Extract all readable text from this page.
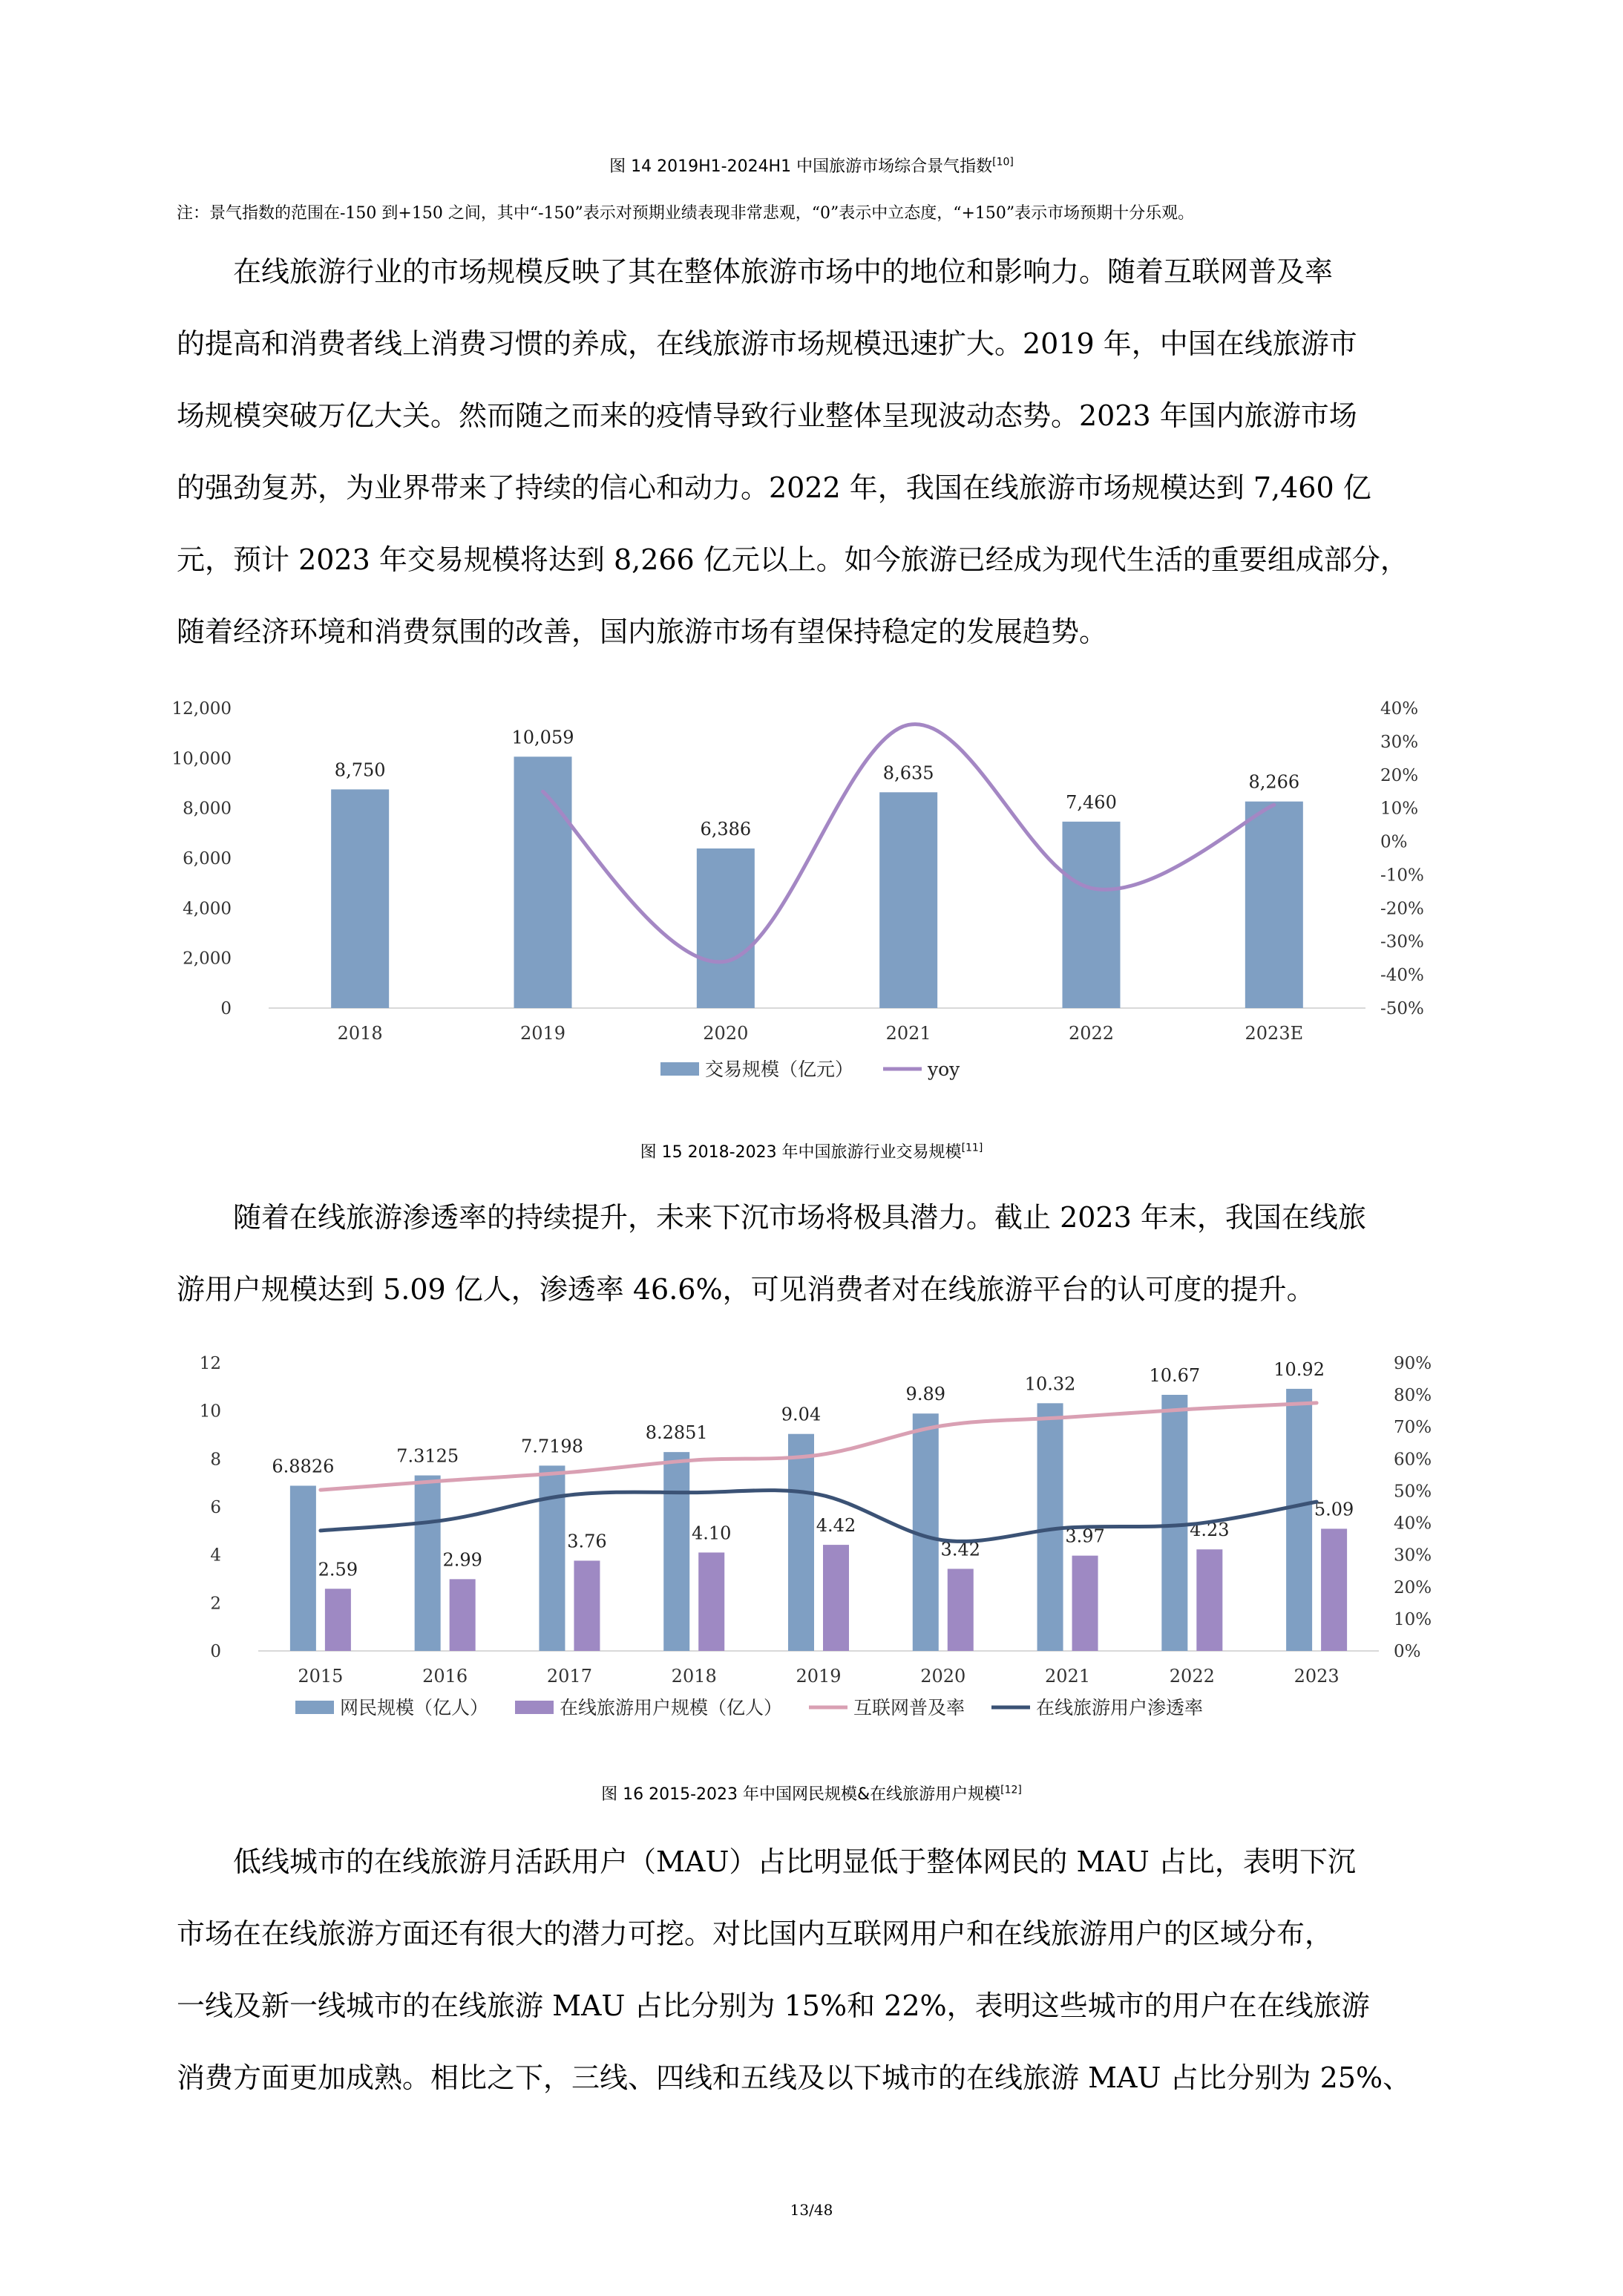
图 14 2019H1-2024H1 中国旅游市场综合景气指数[10]
注：景气指数的范围在-150 到+150 之间，其中“-150”表示对预期业绩表现非常悲观，“0”表示中立态度，“+150”表示市场预期十分乐观。
在线旅游行业的市场规模反映了其在整体旅游市场中的地位和影响力。随着互联网普及率
的提高和消费者线上消费习惯的养成，在线旅游市场规模迅速扩大。2019 年，中国在线旅游市
场规模突破万亿大关。然而随之而来的疫情导致行业整体呈现波动态势。2023 年国内旅游市场
的强劲复苏，为业界带来了持续的信心和动力。2022 年，我国在线旅游市场规模达到 7,460 亿
元，预计 2023 年交易规模将达到 8,266 亿元以上。如今旅游已经成为现代生活的重要组成部分，
随着经济环境和消费氛围的改善，国内旅游市场有望保持稳定的发展趋势。
0
2,000
4,000
6,000
8,000
10,000
12,000
-50%
-40%
-30%
-20%
-10%
0%
10%
20%
30%
40%
2018	2019	2020	2021	2022	2023E
8,750
10,059
6,386
8,635
7,460
8,266
交易规模（亿元）	yoy
图 15 2018-2023 年中国旅游行业交易规模[11]
随着在线旅游渗透率的持续提升，未来下沉市场将极具潜力。截止 2023 年末，我国在线旅
游用户规模达到 5.09 亿人，渗透率 46.6%，可见消费者对在线旅游平台的认可度的提升。
0
2
4
6
8
10
12
0%
10%
20%
30%
40%
50%
60%
70%
80%
90%
2015	2016	2017	2018	2019	2020	2021	2022	2023
6.8826	7.3125	7.7198
8.2851
9.04
9.89	10.32	10.67	10.92
2.59	2.99
3.76	4.10	4.42
3.42
3.97	4.23
5.09
网民规模（亿人）	在线旅游用户规模（亿人）	互联网普及率	在线旅游用户渗透率
图 16 2015-2023 年中国网民规模&在线旅游用户规模[12]
低线城市的在线旅游月活跃用户（MAU）占比明显低于整体网民的 MAU 占比，表明下沉
市场在在线旅游方面还有很大的潜力可挖。对比国内互联网用户和在线旅游用户的区域分布，
一线及新一线城市的在线旅游 MAU 占比分别为 15%和 22%，表明这些城市的用户在在线旅游
消费方面更加成熟。相比之下，三线、四线和五线及以下城市的在线旅游 MAU 占比分别为 25%、
13/48
